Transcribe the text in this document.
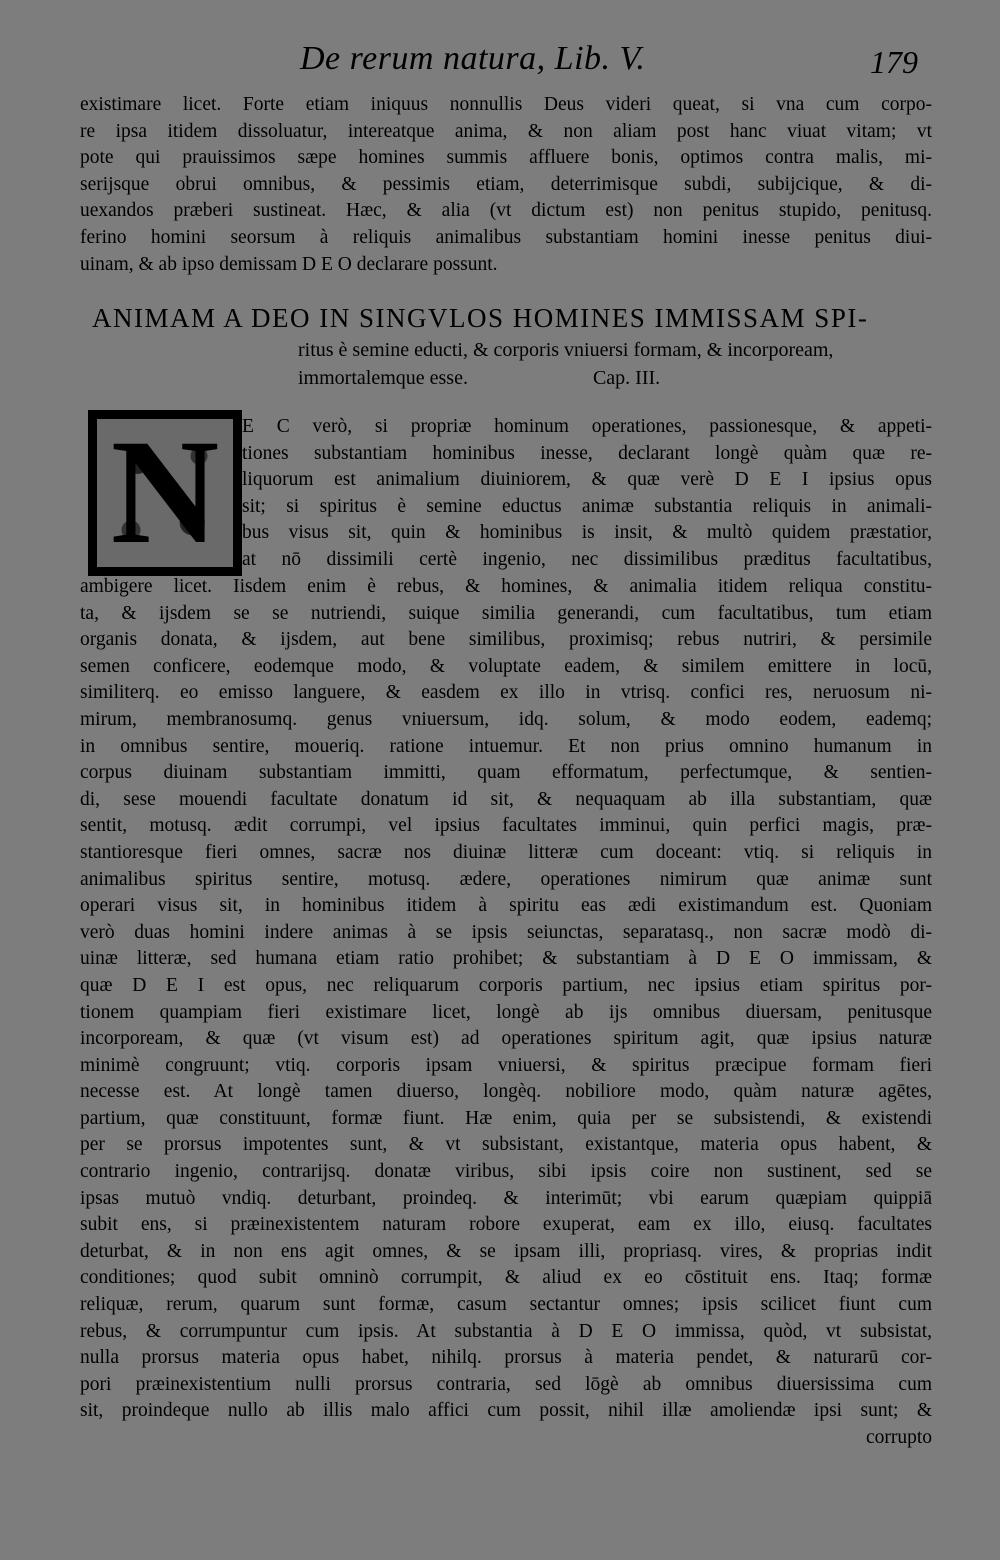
De rerum natura, Lib. V.	179
existimare licet. Forte etiam iniquus nonnullis Deus videri queat, si vna cum corpo-
re ipsa itidem dissoluatur, intereatque anima, & non aliam post hanc viuat vitam; vt
pote qui prauissimos sæpe homines summis affluere bonis, optimos contra malis, mi-
serijsque obrui omnibus, & pessimis etiam, deterrimisque subdi, subijcique, & di-
uexandos præberi sustineat. Hæc, & alia (vt dictum est) non penitus stupido, penitusq.
ferino homini seorsum à reliquis animalibus substantiam homini inesse penitus diui-
uinam, & ab ipso demissam D E O declarare possunt.
ANIMAM A DEO IN SINGVLOS HOMINES IMMISSAM SPI-
ritus è semine educti, & corporis vniuersi formam, & incorpoream,
immortalemque esse.	Cap. III.
N	E C verò, si propriæ hominum operationes, passionesque, & appeti-
tiones substantiam hominibus inesse, declarant longè quàm quæ re-
liquorum est animalium diuiniorem, & quæ verè D E I ipsius opus
sit; si spiritus è semine eductus animæ substantia reliquis in animali-
bus visus sit, quin & hominibus is insit, & multò quidem præstatior,
at nō dissimili certè ingenio, nec dissimilibus præditus facultatibus,
ambigere licet. Iisdem enim è rebus, & homines, & animalia itidem reliqua constitu-
ta, & ijsdem se se nutriendi, suique similia generandi, cum facultatibus, tum etiam
organis donata, & ijsdem, aut bene similibus, proximisq; rebus nutriri, & persimile
semen conficere, eodemque modo, & voluptate eadem, & similem emittere in locū,
similiterq. eo emisso languere, & easdem ex illo in vtrisq. confici res, neruosum ni-
mirum, membranosumq. genus vniuersum, idq. solum, & modo eodem, eademq;
in omnibus sentire, moueriq. ratione intuemur. Et non prius omnino humanum in
corpus diuinam substantiam immitti, quam efformatum, perfectumque, & sentien-
di, sese mouendi facultate donatum id sit, & nequaquam ab illa substantiam, quæ
sentit, motusq. ædit corrumpi, vel ipsius facultates imminui, quin perfici magis, præ-
stantioresque fieri omnes, sacræ nos diuinæ litteræ cum doceant: vtiq. si reliquis in
animalibus spiritus sentire, motusq. ædere, operationes nimirum quæ animæ sunt
operari visus sit, in hominibus itidem à spiritu eas ædi existimandum est. Quoniam
verò duas homini indere animas à se ipsis seiunctas, separatasq., non sacræ modò di-
uinæ litteræ, sed humana etiam ratio prohibet; & substantiam à D E O immissam, &
quæ D E I est opus, nec reliquarum corporis partium, nec ipsius etiam spiritus por-
tionem quampiam fieri existimare licet, longè ab ijs omnibus diuersam, penitusque
incorpoream, & quæ (vt visum est) ad operationes spiritum agit, quæ ipsius naturæ
minimè congruunt; vtiq. corporis ipsam vniuersi, & spiritus præcipue formam fieri
necesse est. At longè tamen diuerso, longèq. nobiliore modo, quàm naturæ agētes,
partium, quæ constituunt, formæ fiunt. Hæ enim, quia per se subsistendi, & existendi
per se prorsus impotentes sunt, & vt subsistant, existantque, materia opus habent, &
contrario ingenio, contrarijsq. donatæ viribus, sibi ipsis coire non sustinent, sed se
ipsas mutuò vndiq. deturbant, proindeq. & interimūt; vbi earum quæpiam quippiā
subit ens, si præinexistentem naturam robore exuperat, eam ex illo, eiusq. facultates
deturbat, & in non ens agit omnes, & se ipsam illi, propriasq. vires, & proprias indit
conditiones; quod subit omninò corrumpit, & aliud ex eo cōstituit ens. Itaq; formæ
reliquæ, rerum, quarum sunt formæ, casum sectantur omnes; ipsis scilicet fiunt cum
rebus, & corrumpuntur cum ipsis. At substantia à D E O immissa, quòd, vt subsistat,
nulla prorsus materia opus habet, nihilq. prorsus à materia pendet, & naturarū cor-
pori præinexistentium nulli prorsus contraria, sed lōgè ab omnibus diuersissima cum
sit, proindeque nullo ab illis malo affici cum possit, nihil illæ amoliendæ ipsi sunt; &
corrupto
